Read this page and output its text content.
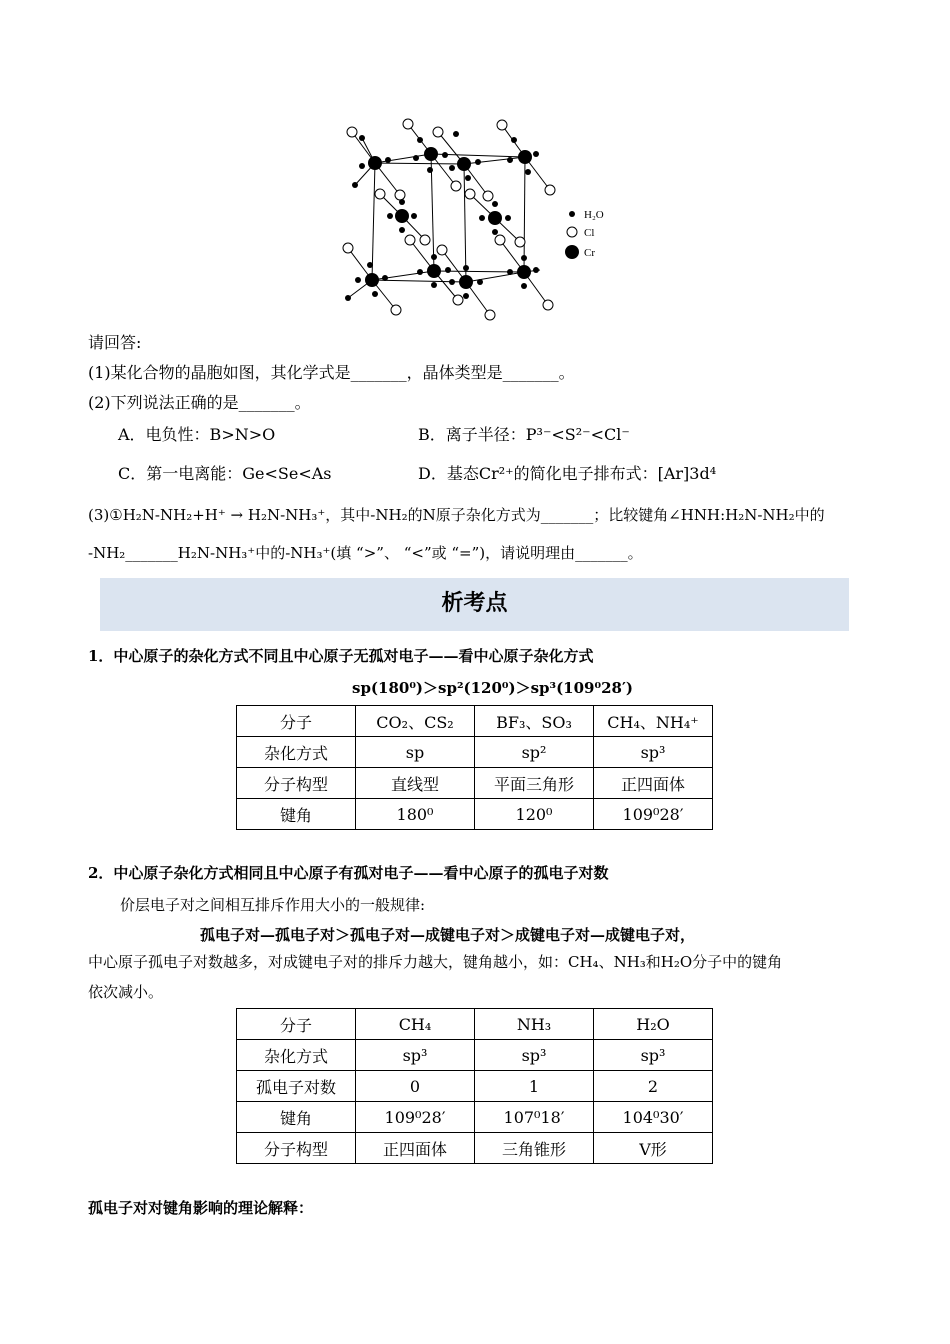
H₂O
Cl
Cr
请回答:
(1)某化合物的晶胞如图，其化学式是_______，晶体类型是_______。
(2)下列说法正确的是_______。
A．电负性：B>N>O	B．离子半径：P³⁻<S²⁻<Cl⁻
C．第一电离能：Ge<Se<As	D．基态Cr²⁺的简化电子排布式：[Ar]3d⁴
(3)①H₂N-NH₂+H⁺ → H₂N-NH₃⁺，其中-NH₂的N原子杂化方式为_______；比较键角∠HNH:H₂N-NH₂中的
-NH₂_______H₂N-NH₃⁺中的-NH₃⁺(填 “>”、 “<”或 “=”)，请说明理由_______。
析考点
1．中心原子的杂化方式不同且中心原子无孤对电子——看中心原子杂化方式
sp(180⁰)＞sp²(120⁰)＞sp³(109⁰28′)
分子	CO₂、CS₂	BF₃、SO₃	CH₄、NH₄⁺
杂化方式	sp	sp²	sp³
分子构型	直线型	平面三角形	正四面体
键角	180⁰	120⁰	109⁰28′
2．中心原子杂化方式相同且中心原子有孤对电子——看中心原子的孤电子对数
价层电子对之间相互排斥作用大小的一般规律:
孤电子对—孤电子对＞孤电子对—成键电子对＞成键电子对—成键电子对，
中心原子孤电子对数越多，对成键电子对的排斥力越大，键角越小，如：CH₄、NH₃和H₂O分子中的键角
依次减小。
分子	CH₄	NH₃	H₂O
杂化方式	sp³	sp³	sp³
孤电子对数	0	1	2
键角	109⁰28′	107⁰18′	104⁰30′
分子构型	正四面体	三角锥形	V形
孤电子对对键角影响的理论解释：
